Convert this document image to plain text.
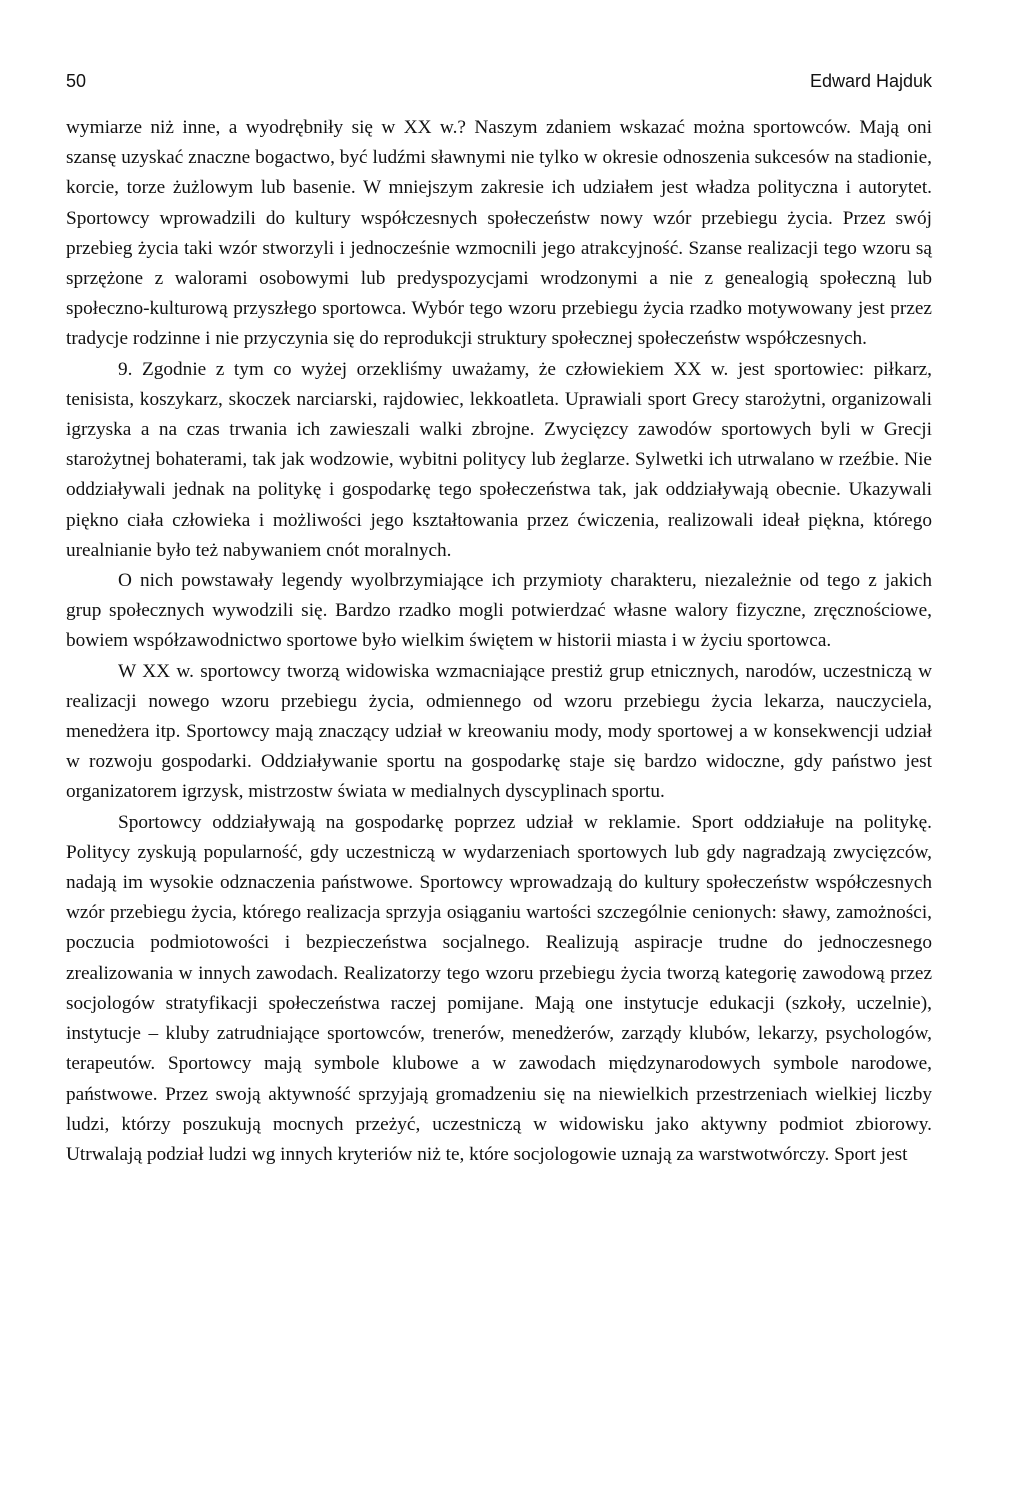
50	Edward Hajduk

wymiarze niż inne, a wyodrębniły się w XX w.? Naszym zdaniem wskazać można sportowców. Mają oni szansę uzyskać znaczne bogactwo, być ludźmi sławnymi nie tylko w okresie odnoszenia sukcesów na stadionie, korcie, torze żużlowym lub basenie. W mniejszym zakresie ich udziałem jest władza polityczna i autorytet. Sportowcy wprowadzili do kultury współczesnych społeczeństw nowy wzór przebiegu życia. Przez swój przebieg życia taki wzór stworzyli i jednocześnie wzmocnili jego atrakcyjność. Szanse realizacji tego wzoru są sprzężone z walorami osobowymi lub predyspozycjami wrodzonymi a nie z genealogią społeczną lub społeczno-kulturową przyszłego sportowca. Wybór tego wzoru przebiegu życia rzadko motywowany jest przez tradycje rodzinne i nie przyczynia się do reprodukcji struktury społecznej społeczeństw współczesnych.

9. Zgodnie z tym co wyżej orzekliśmy uważamy, że człowiekiem XX w. jest sportowiec: piłkarz, tenisista, koszykarz, skoczek narciarski, rajdowiec, lekkoatleta. Uprawiali sport Grecy starożytni, organizowali igrzyska a na czas trwania ich zawieszali walki zbrojne. Zwycięzcy zawodów sportowych byli w Grecji starożytnej bohaterami, tak jak wodzowie, wybitni politycy lub żeglarze. Sylwetki ich utrwalano w rzeźbie. Nie oddziaływali jednak na politykę i gospodarkę tego społeczeństwa tak, jak oddziaływają obecnie. Ukazywali piękno ciała człowieka i możliwości jego kształtowania przez ćwiczenia, realizowali ideał piękna, którego urealnianie było też nabywaniem cnót moralnych.

O nich powstawały legendy wyolbrzymiające ich przymioty charakteru, niezależnie od tego z jakich grup społecznych wywodzili się. Bardzo rzadko mogli potwierdzać własne walory fizyczne, zręcznościowe, bowiem współzawodnictwo sportowe było wielkim świętem w historii miasta i w życiu sportowca.

W XX w. sportowcy tworzą widowiska wzmacniające prestiż grup etnicznych, narodów, uczestniczą w realizacji nowego wzoru przebiegu życia, odmiennego od wzoru przebiegu życia lekarza, nauczyciela, menedżera itp. Sportowcy mają znaczący udział w kreowaniu mody, mody sportowej a w konsekwencji udział w rozwoju gospodarki. Oddziaływanie sportu na gospodarkę staje się bardzo widoczne, gdy państwo jest organizatorem igrzysk, mistrzostw świata w medialnych dyscyplinach sportu.

Sportowcy oddziaływają na gospodarkę poprzez udział w reklamie. Sport oddziałuje na politykę. Politycy zyskują popularność, gdy uczestniczą w wydarzeniach sportowych lub gdy nagradzają zwycięzców, nadają im wysokie odznaczenia państwowe. Sportowcy wprowadzają do kultury społeczeństw współczesnych wzór przebiegu życia, którego realizacja sprzyja osiąganiu wartości szczególnie cenionych: sławy, zamożności, poczucia podmiotowości i bezpieczeństwa socjalnego. Realizują aspiracje trudne do jednoczesnego zrealizowania w innych zawodach. Realizatorzy tego wzoru przebiegu życia tworzą kategorię zawodową przez socjologów stratyfikacji społeczeństwa raczej pomijane. Mają one instytucje edukacji (szkoły, uczelnie), instytucje – kluby zatrudniające sportowców, trenerów, menedżerów, zarządy klubów, lekarzy, psychologów, terapeutów. Sportowcy mają symbole klubowe a w zawodach międzynarodowych symbole narodowe, państwowe. Przez swoją aktywność sprzyjają gromadzeniu się na niewielkich przestrzeniach wielkiej liczby ludzi, którzy poszukują mocnych przeżyć, uczestniczą w widowisku jako aktywny podmiot zbiorowy. Utrwalają podział ludzi wg innych kryteriów niż te, które socjologowie uznają za warstwotwórczy. Sport jest
